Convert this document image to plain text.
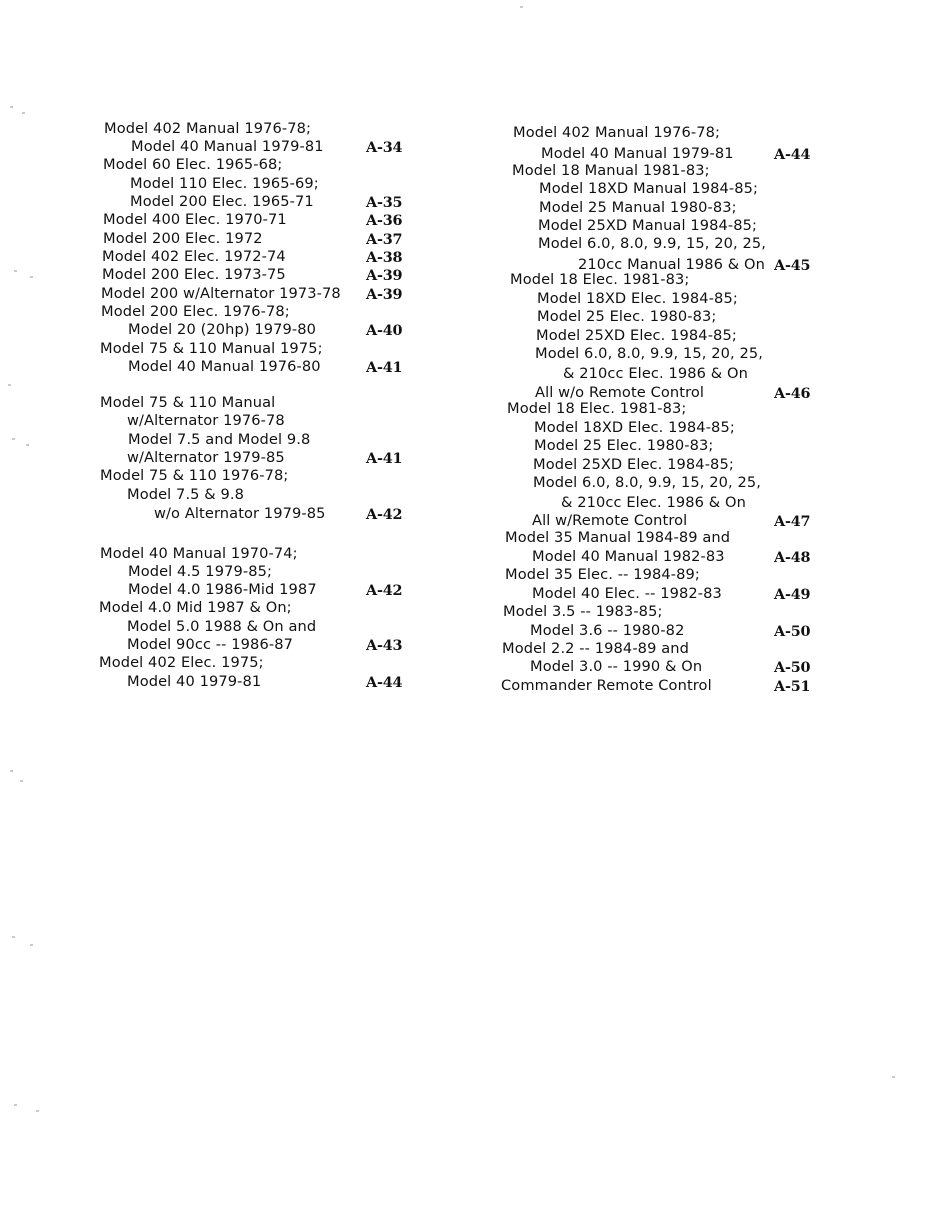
Model 402 Manual 1976-78;
Model 40 Manual 1979-81	A-34
Model 60 Elec. 1965-68;
Model 110 Elec. 1965-69;
Model 200 Elec. 1965-71	A-35
Model 400 Elec. 1970-71	A-36
Model 200 Elec. 1972	A-37
Model 402 Elec. 1972-74	A-38
Model 200 Elec. 1973-75	A-39
Model 200 w/Alternator 1973-78 A-39
Model 200 Elec. 1976-78;
Model 20 (20hp) 1979-80	A-40
Model 75 & 110 Manual 1975;
Model 40 Manual 1976-80	A-41
Model 75 & 110 Manual
w/Alternator 1976-78
Model 7.5 and Model 9.8
w/Alternator 1979-85	A-41
Model 75 & 110 1976-78;
Model 7.5 & 9.8
w/o Alternator 1979-85	A-42
Model 40 Manual 1970-74;
Model 4.5 1979-85;
Model 4.0 1986-Mid 1987	A-42
Model 4.0 Mid 1987 & On;
Model 5.0 1988 & On and
Model 90cc -- 1986-87	A-43
Model 402 Elec. 1975;
Model 40 1979-81	A-44
Model 402 Manual 1976-78;
Model 40 Manual 1979-81	A-44
Model 18 Manual 1981-83;
Model 18XD Manual 1984-85;
Model 25 Manual 1980-83;
Model 25XD Manual 1984-85;
Model 6.0, 8.0, 9.9, 15, 20, 25,
210cc Manual 1986 & On A-45
Model 18 Elec. 1981-83;
Model 18XD Elec. 1984-85;
Model 25 Elec. 1980-83;
Model 25XD Elec. 1984-85;
Model 6.0, 8.0, 9.9, 15, 20, 25,
& 210cc Elec. 1986 & On
All w/o Remote Control	A-46
Model 18 Elec. 1981-83;
Model 18XD Elec. 1984-85;
Model 25 Elec. 1980-83;
Model 25XD Elec. 1984-85;
Model 6.0, 8.0, 9.9, 15, 20, 25,
& 210cc Elec. 1986 & On
All w/Remote Control	A-47
Model 35 Manual 1984-89 and
Model 40 Manual 1982-83	A-48
Model 35 Elec. -- 1984-89;
Model 40 Elec. -- 1982-83	A-49
Model 3.5 -- 1983-85;
Model 3.6 -- 1980-82	A-50
Model 2.2 -- 1984-89 and
Model 3.0 -- 1990 & On	A-50
Commander Remote Control	A-51
